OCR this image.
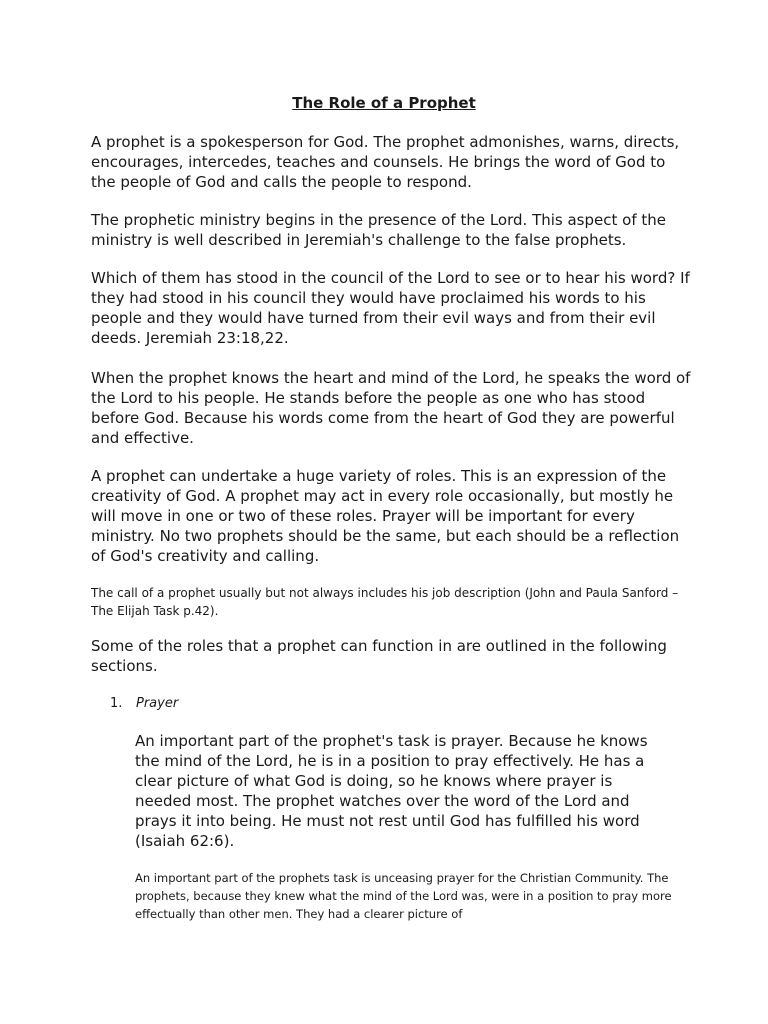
The Role of a Prophet

A prophet is a spokesperson for God. The prophet admonishes, warns, directs, encourages, intercedes, teaches and counsels. He brings the word of God to the people of God and calls the people to respond.

The prophetic ministry begins in the presence of the Lord. This aspect of the ministry is well described in Jeremiah's challenge to the false prophets.

Which of them has stood in the council of the Lord to see or to hear his word? If they had stood in his council they would have proclaimed his words to his people and they would have turned from their evil ways and from their evil deeds. Jeremiah 23:18,22.

When the prophet knows the heart and mind of the Lord, he speaks the word of the Lord to his people. He stands before the people as one who has stood before God. Because his words come from the heart of God they are powerful and effective.

A prophet can undertake a huge variety of roles. This is an expression of the creativity of God. A prophet may act in every role occasionally, but mostly he will move in one or two of these roles. Prayer will be important for every ministry. No two prophets should be the same, but each should be a reflection of God's creativity and calling.

The call of a prophet usually but not always includes his job description (John and Paula Sanford – The Elijah Task p.42).

Some of the roles that a prophet can function in are outlined in the following sections.

1. Prayer

An important part of the prophet's task is prayer. Because he knows the mind of the Lord, he is in a position to pray effectively. He has a clear picture of what God is doing, so he knows where prayer is needed most. The prophet watches over the word of the Lord and prays it into being. He must not rest until God has fulfilled his word (Isaiah 62:6).

An important part of the prophets task is unceasing prayer for the Christian Community. The prophets, because they knew what the mind of the Lord was, were in a position to pray more effectually than other men. They had a clearer picture of
